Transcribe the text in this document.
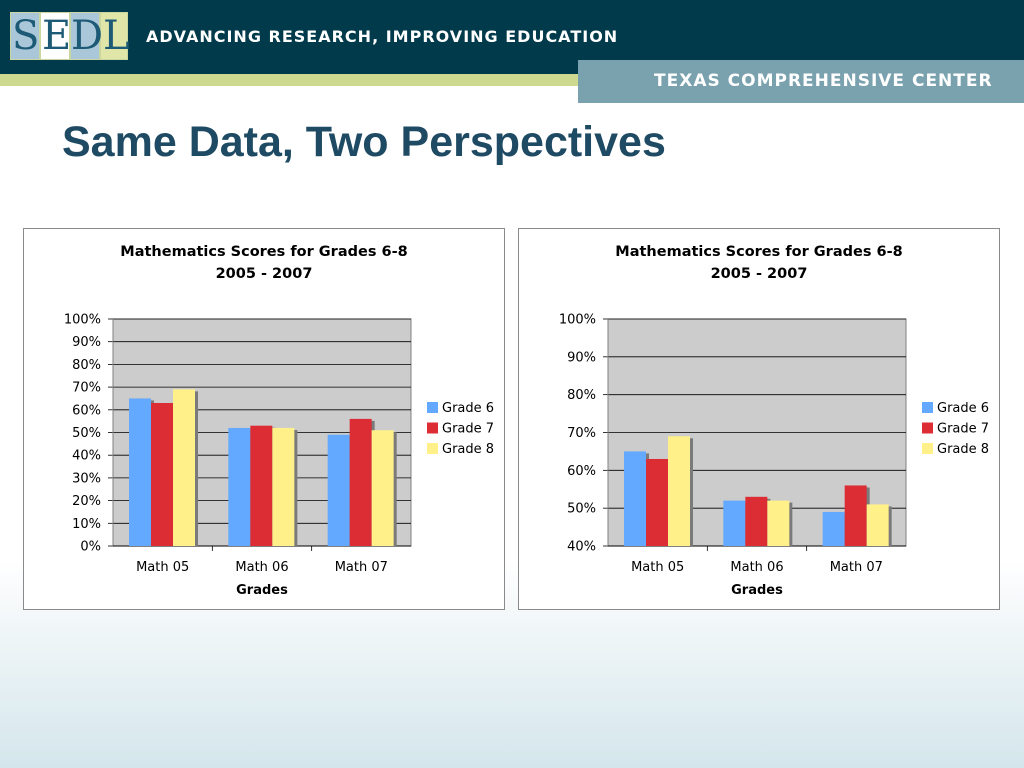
S E D L ADVANCING RESEARCH, IMPROVING EDUCATION
TEXAS COMPREHENSIVE CENTER
Same Data, Two Perspectives
Mathematics Scores for Grades 6-8
2005 - 2007
0%
10%
20%
30%
40%
50%
60%
70%
80%
90%
100%
Math 05	Math 06	Math 07
Grades
Grade 6
Grade 7
Grade 8
Mathematics Scores for Grades 6-8
2005 - 2007
40%
50%
60%
70%
80%
90%
100%
Math 05	Math 06	Math 07
Grades
Grade 6
Grade 7
Grade 8
